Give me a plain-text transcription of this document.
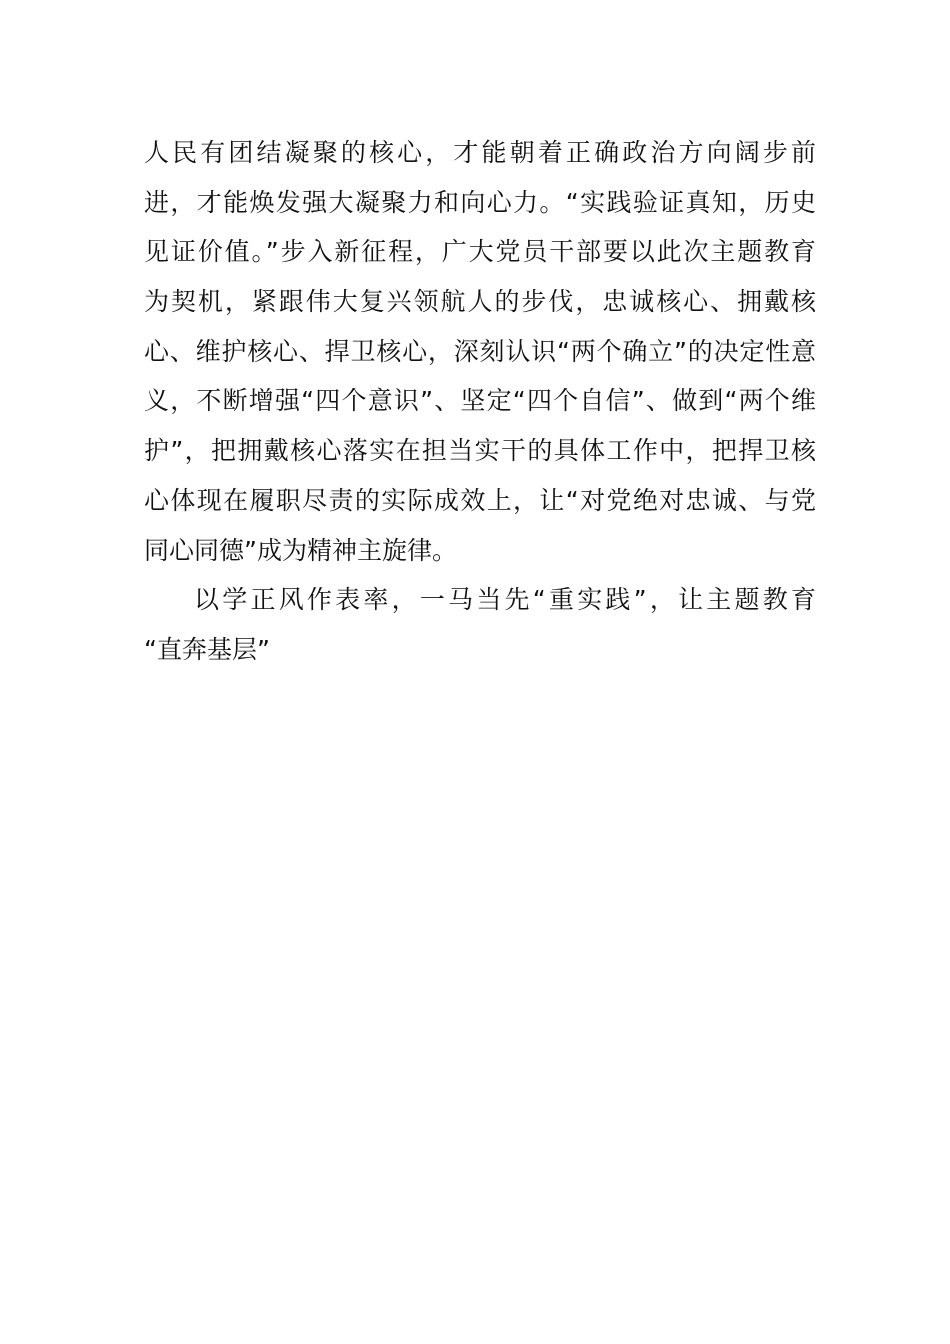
人民有团结凝聚的核心，才能朝着正确政治方向阔步前
进，才能焕发强大凝聚力和向心力。“实践验证真知，历史
见证价值。”步入新征程，广大党员干部要以此次主题教育
为契机，紧跟伟大复兴领航人的步伐，忠诚核心、拥戴核
心、维护核心、捍卫核心，深刻认识“两个确立”的决定性意
义，不断增强“四个意识”、坚定“四个自信”、做到“两个维
护”，把拥戴核心落实在担当实干的具体工作中，把捍卫核
心体现在履职尽责的实际成效上，让“对党绝对忠诚、与党
同心同德”成为精神主旋律。
以学正风作表率，一马当先“重实践”，让主题教育
“直奔基层”
